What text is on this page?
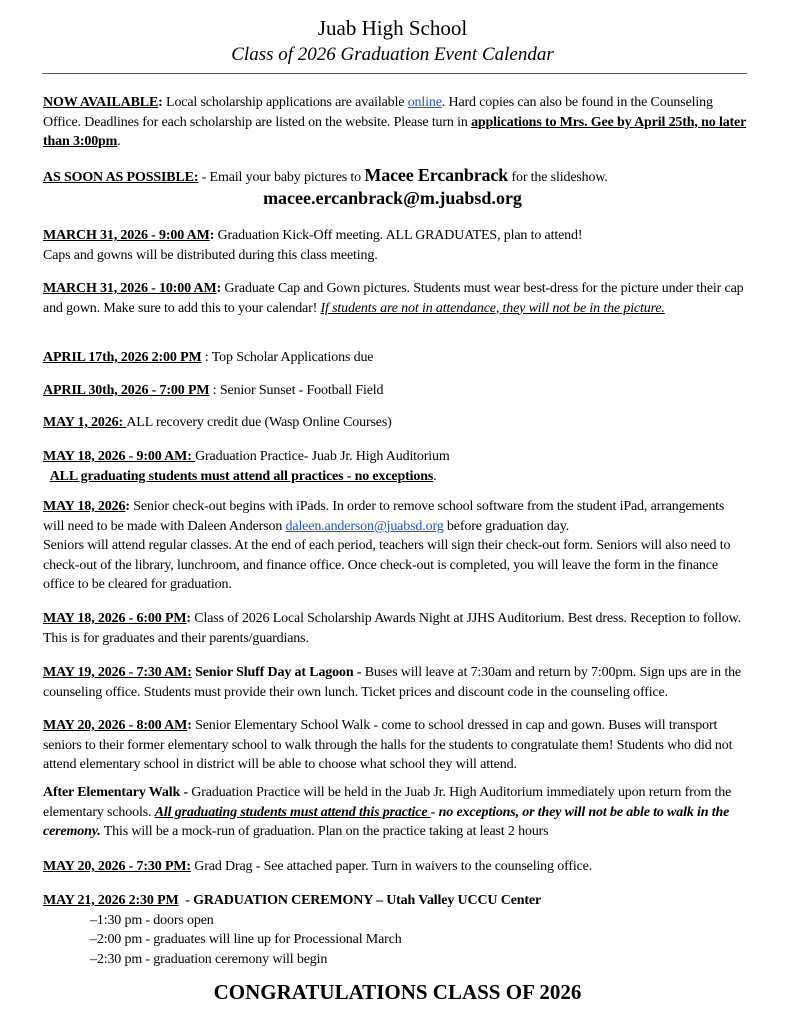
Juab High School
Class of 2026 Graduation Event Calendar
NOW AVAILABLE: Local scholarship applications are available online. Hard copies can also be found in the Counseling Office. Deadlines for each scholarship are listed on the website. Please turn in applications to Mrs. Gee by April 25th, no later than 3:00pm.
AS SOON AS POSSIBLE: - Email your baby pictures to Macee Ercanbrack for the slideshow.
macee.ercanbrack@m.juabsd.org
MARCH 31, 2026 - 9:00 AM: Graduation Kick-Off meeting. ALL GRADUATES, plan to attend!
Caps and gowns will be distributed during this class meeting.
MARCH 31, 2026 - 10:00 AM: Graduate Cap and Gown pictures. Students must wear best-dress for the picture under their cap and gown. Make sure to add this to your calendar! If students are not in attendance, they will not be in the picture.
APRIL 17th, 2026 2:00 PM : Top Scholar Applications due
APRIL 30th, 2026 - 7:00 PM : Senior Sunset - Football Field
MAY 1, 2026: ALL recovery credit due (Wasp Online Courses)
MAY 18, 2026 - 9:00 AM: Graduation Practice- Juab Jr. High Auditorium
ALL graduating students must attend all practices - no exceptions.
MAY 18, 2026: Senior check-out begins with iPads. In order to remove school software from the student iPad, arrangements will need to be made with Daleen Anderson daleen.anderson@juabsd.org before graduation day.
Seniors will attend regular classes. At the end of each period, teachers will sign their check-out form. Seniors will also need to check-out of the library, lunchroom, and finance office. Once check-out is completed, you will leave the form in the finance office to be cleared for graduation.
MAY 18, 2026 - 6:00 PM: Class of 2026 Local Scholarship Awards Night at JJHS Auditorium. Best dress. Reception to follow. This is for graduates and their parents/guardians.
MAY 19, 2026 - 7:30 AM: Senior Sluff Day at Lagoon - Buses will leave at 7:30am and return by 7:00pm. Sign ups are in the counseling office. Students must provide their own lunch. Ticket prices and discount code in the counseling office.
MAY 20, 2026 - 8:00 AM: Senior Elementary School Walk - come to school dressed in cap and gown. Buses will transport seniors to their former elementary school to walk through the halls for the students to congratulate them! Students who did not attend elementary school in district will be able to choose what school they will attend.
After Elementary Walk - Graduation Practice will be held in the Juab Jr. High Auditorium immediately upon return from the elementary schools. All graduating students must attend this practice - no exceptions, or they will not be able to walk in the ceremony. This will be a mock-run of graduation. Plan on the practice taking at least 2 hours
MAY 20, 2026 - 7:30 PM: Grad Drag - See attached paper. Turn in waivers to the counseling office.
MAY 21, 2026 2:30 PM  - GRADUATION CEREMONY – Utah Valley UCCU Center
–1:30 pm - doors open
–2:00 pm - graduates will line up for Processional March
–2:30 pm - graduation ceremony will begin
CONGRATULATIONS CLASS OF 2026
